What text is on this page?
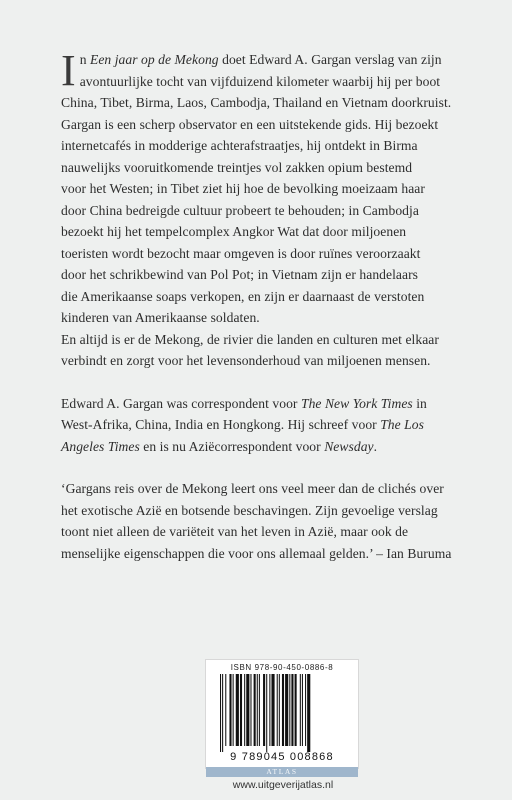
I n Een jaar op de Mekong doet Edward A. Gargan verslag van zijn
avontuurlijke tocht van vijfduizend kilometer waarbij hij per boot
China, Tibet, Birma, Laos, Cambodja, Thailand en Vietnam doorkruist.
Gargan is een scherp observator en een uitstekende gids. Hij bezoekt
internetcafés in modderige achterafstraatjes, hij ontdekt in Birma
nauwelijks vooruitkomende treintjes vol zakken opium bestemd
voor het Westen; in Tibet ziet hij hoe de bevolking moeizaam haar
door China bedreigde cultuur probeert te behouden; in Cambodja
bezoekt hij het tempelcomplex Angkor Wat dat door miljoenen
toeristen wordt bezocht maar omgeven is door ruïnes veroorzaakt
door het schrikbewind van Pol Pot; in Vietnam zijn er handelaars
die Amerikaanse soaps verkopen, en zijn er daarnaast de verstoten
kinderen van Amerikaanse soldaten.
En altijd is er de Mekong, de rivier die landen en culturen met elkaar
verbindt en zorgt voor het levensonderhoud van miljoenen mensen.
Edward A. Gargan was correspondent voor The New York Times in
West-Afrika, China, India en Hongkong. Hij schreef voor The Los
Angeles Times en is nu Aziëcorrespondent voor Newsday.
‘Gargans reis over de Mekong leert ons veel meer dan de clichés over
het exotische Azië en botsende beschavingen. Zijn gevoelige verslag
toont niet alleen de variëteit van het leven in Azië, maar ook de
menselijke eigenschappen die voor ons allemaal gelden.’ – Ian Buruma
ISBN 978-90-450-0886-8
9 789045 008868
ATLAS
www.uitgeverijatlas.nl
